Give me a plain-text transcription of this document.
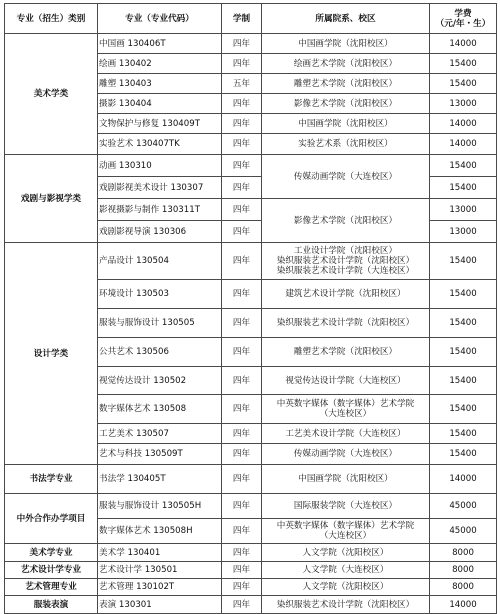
专业（招生）类别	专业（专业代码）	学制	所属院系、校区	学费
（元/年・生）

美术学类	中国画 130406T	四年	中国画学院（沈阳校区）	14000
	绘画 130402	四年	绘画艺术学院（沈阳校区）	15400
	雕塑 130403	五年	雕塑艺术学院（沈阳校区）	15400
	摄影 130404	四年	影像艺术学院（沈阳校区）	13000
	文物保护与修复 130409T	四年	中国画学院（沈阳校区）	14000
	实验艺术 130407TK	四年	实验艺术系（沈阳校区）	14000
戏剧与影视学类	动画 130310	四年	传媒动画学院（大连校区）	15400
	戏剧影视美术设计 130307	四年		15400
	影视摄影与制作 130311T	四年	影像艺术学院（沈阳校区）	13000
	戏剧影视导演 130306	四年		13000
设计学类	产品设计 130504	四年	工业设计学院（沈阳校区）
染织服装艺术设计学院（沈阳校区）
染织服装艺术设计学院（大连校区）	15400
	环境设计 130503	四年	建筑艺术设计学院（沈阳校区）	15400
	服装与服饰设计 130505	四年	染织服装艺术设计学院（沈阳校区）	15400
	公共艺术 130506	四年	雕塑艺术学院（沈阳校区）	15400
	视觉传达设计 130502	四年	视觉传达设计学院（大连校区）	15400
	数字媒体艺术 130508	四年	中英数字媒体（数字媒体）艺术学院
（大连校区）	15400
	工艺美术 130507	四年	工艺美术设计学院（大连校区）	15400
	艺术与科技 130509T	四年	传媒动画学院（大连校区）	15400
书法学专业	书法学 130405T	四年	中国画学院（沈阳校区）	14000
中外合作办学项目	服装与服饰设计 130505H	四年	国际服装学院（大连校区）	45000
	数字媒体艺术 130508H	四年	中英数字媒体（数字媒体）艺术学院
（大连校区）	45000
美术学专业	美术学 130401	四年	人文学院（沈阳校区）	8000
艺术设计学专业	艺术设计学 130501	四年	人文学院（大连校区）	8000
艺术管理专业	艺术管理 130102T	四年	人文学院（沈阳校区）	8000
服装表演	表演 130301	四年	染织服装艺术设计学院（沈阳校区）	14000
